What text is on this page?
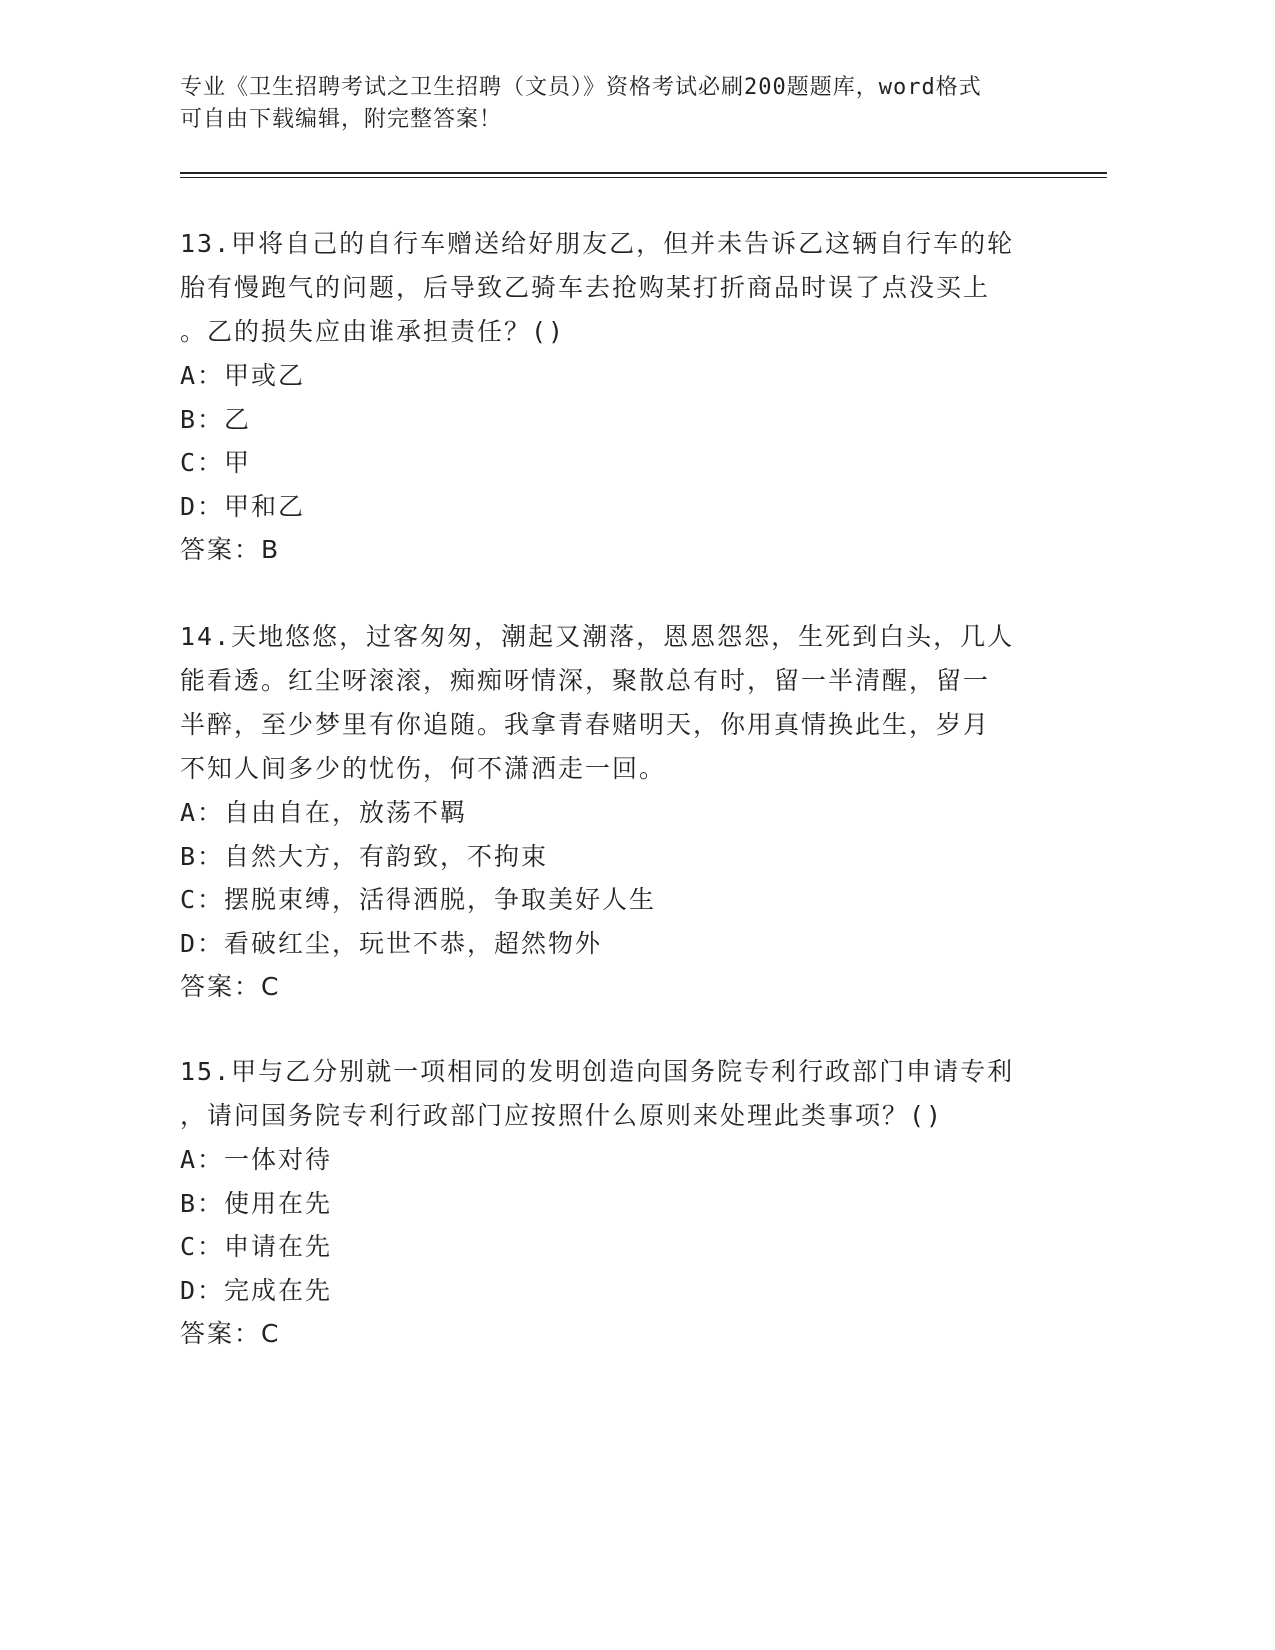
专业《卫生招聘考试之卫生招聘（文员）》资格考试必刷200题题库，word格式
可自由下载编辑，附完整答案！
13.甲将自己的自行车赠送给好朋友乙，但并未告诉乙这辆自行车的轮
胎有慢跑气的问题，后导致乙骑车去抢购某打折商品时误了点没买上
。乙的损失应由谁承担责任？()
A：甲或乙
B：乙
C：甲
D：甲和乙
答案：B
14.天地悠悠，过客匆匆，潮起又潮落，恩恩怨怨，生死到白头，几人
能看透。红尘呀滚滚，痴痴呀情深，聚散总有时，留一半清醒，留一
半醉，至少梦里有你追随。我拿青春赌明天，你用真情换此生，岁月
不知人间多少的忧伤，何不潇洒走一回。
A：自由自在，放荡不羁
B：自然大方，有韵致，不拘束
C：摆脱束缚，活得洒脱，争取美好人生
D：看破红尘，玩世不恭，超然物外
答案：C
15.甲与乙分别就一项相同的发明创造向国务院专利行政部门申请专利
，请问国务院专利行政部门应按照什么原则来处理此类事项？()
A：一体对待
B：使用在先
C：申请在先
D：完成在先
答案：C
